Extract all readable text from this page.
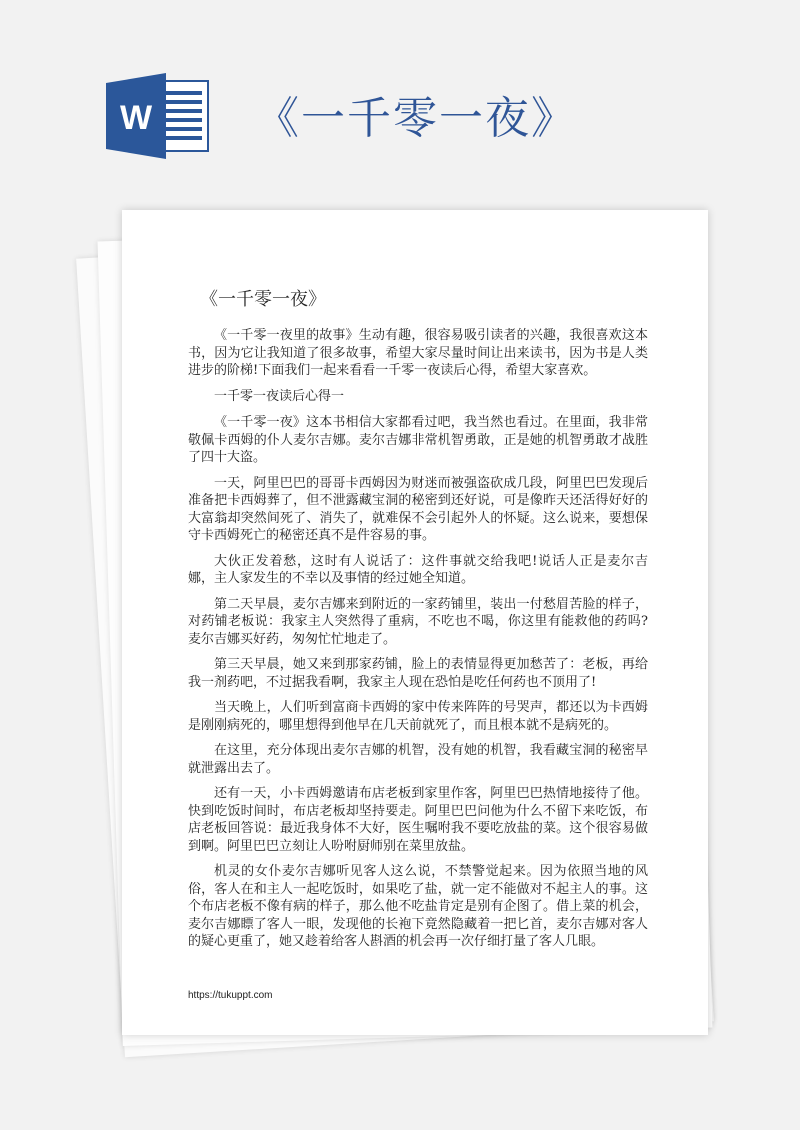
W 《一千零一夜》
《一千零一夜》

《一千零一夜里的故事》生动有趣，很容易吸引读者的兴趣，我很喜欢这本书，因为它让我知道了很多故事，希望大家尽量时间让出来读书，因为书是人类进步的阶梯!下面我们一起来看看一千零一夜读后心得，希望大家喜欢。

一千零一夜读后心得一

《一千零一夜》这本书相信大家都看过吧，我当然也看过。在里面，我非常敬佩卡西姆的仆人麦尔吉娜。麦尔吉娜非常机智勇敢，正是她的机智勇敢才战胜了四十大盗。

一天，阿里巴巴的哥哥卡西姆因为财迷而被强盗砍成几段，阿里巴巴发现后准备把卡西姆葬了，但不泄露藏宝洞的秘密到还好说，可是像昨天还活得好好的大富翁却突然间死了、消失了，就难保不会引起外人的怀疑。这么说来，要想保守卡西姆死亡的秘密还真不是件容易的事。

大伙正发着愁，这时有人说话了：这件事就交给我吧!说话人正是麦尔吉娜，主人家发生的不幸以及事情的经过她全知道。

第二天早晨，麦尔吉娜来到附近的一家药铺里，装出一付愁眉苦脸的样子，对药铺老板说：我家主人突然得了重病，不吃也不喝，你这里有能救他的药吗?麦尔吉娜买好药，匆匆忙忙地走了。

第三天早晨，她又来到那家药铺，脸上的表情显得更加愁苦了：老板，再给我一剂药吧，不过据我看啊，我家主人现在恐怕是吃任何药也不顶用了!

当天晚上，人们听到富商卡西姆的家中传来阵阵的号哭声，都还以为卡西姆是刚刚病死的，哪里想得到他早在几天前就死了，而且根本就不是病死的。

在这里，充分体现出麦尔吉娜的机智，没有她的机智，我看藏宝洞的秘密早就泄露出去了。

还有一天，小卡西姆邀请布店老板到家里作客，阿里巴巴热情地接待了他。快到吃饭时间时，布店老板却坚持要走。阿里巴巴问他为什么不留下来吃饭，布店老板回答说：最近我身体不大好，医生嘱咐我不要吃放盐的菜。这个很容易做到啊。阿里巴巴立刻让人吩咐厨师别在菜里放盐。

机灵的女仆麦尔吉娜听见客人这么说，不禁警觉起来。因为依照当地的风俗，客人在和主人一起吃饭时，如果吃了盐，就一定不能做对不起主人的事。这个布店老板不像有病的样子，那么他不吃盐肯定是别有企图了。借上菜的机会，麦尔吉娜瞟了客人一眼，发现他的长袍下竟然隐藏着一把匕首，麦尔吉娜对客人的疑心更重了，她又趁着给客人斟酒的机会再一次仔细打量了客人几眼。

https://tukuppt.com
